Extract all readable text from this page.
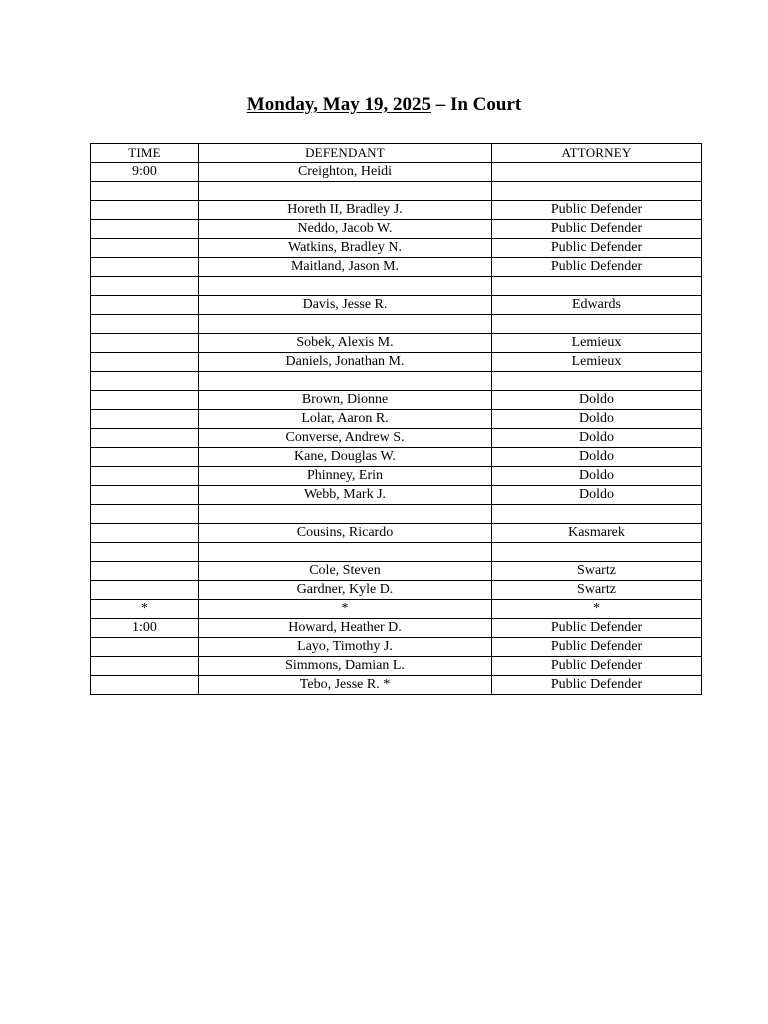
Monday, May 19, 2025 – In Court
TIME	DEFENDANT	ATTORNEY
9:00	Creighton, Heidi	

	Horeth II, Bradley J.	Public Defender
	Neddo, Jacob W.	Public Defender
	Watkins, Bradley N.	Public Defender
	Maitland, Jason M.	Public Defender

	Davis, Jesse R.	Edwards

	Sobek, Alexis M.	Lemieux
	Daniels, Jonathan M.	Lemieux

	Brown, Dionne	Doldo
	Lolar, Aaron R.	Doldo
	Converse, Andrew S.	Doldo
	Kane, Douglas W.	Doldo
	Phinney, Erin	Doldo
	Webb, Mark J.	Doldo

	Cousins, Ricardo	Kasmarek

	Cole, Steven	Swartz
	Gardner, Kyle D.	Swartz
*	*	*
1:00	Howard, Heather D.	Public Defender
	Layo, Timothy J.	Public Defender
	Simmons, Damian L.	Public Defender
	Tebo, Jesse R. *	Public Defender
